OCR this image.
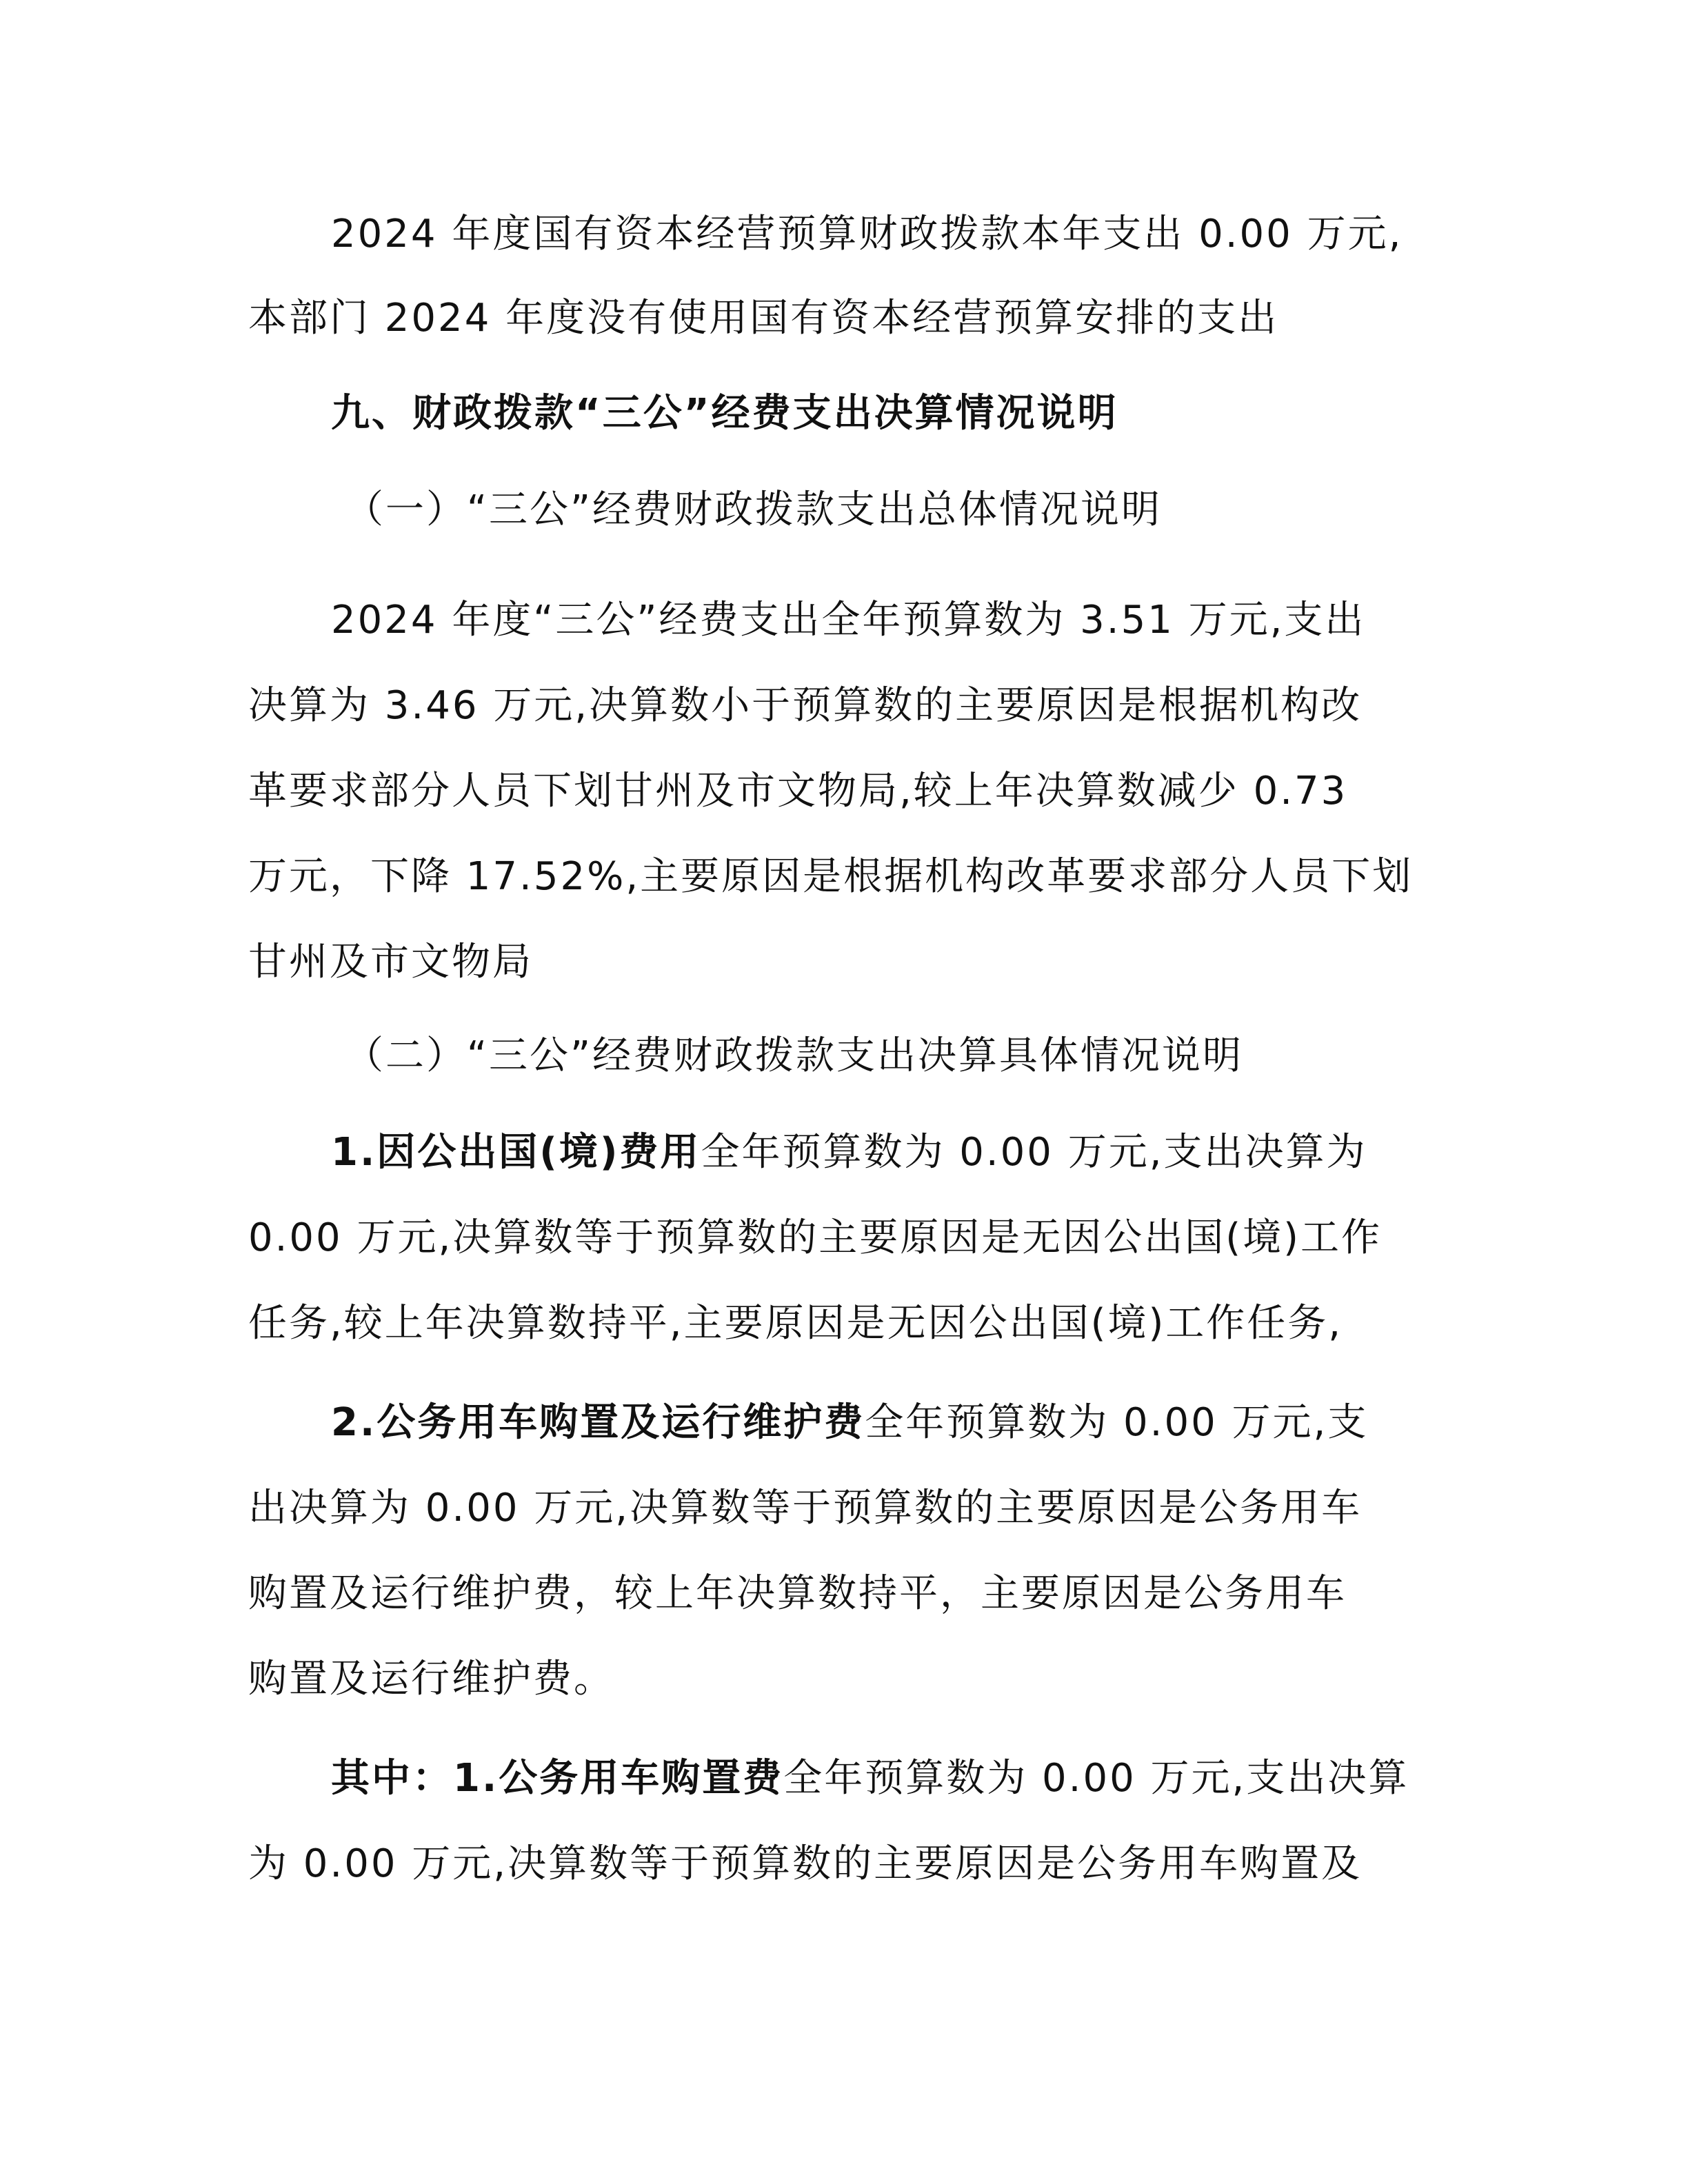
2024 年度国有资本经营预算财政拨款本年支出 0.00 万元,
本部门 2024 年度没有使用国有资本经营预算安排的支出
九、财政拨款“三公”经费支出决算情况说明
（一）“三公”经费财政拨款支出总体情况说明
2024 年度“三公”经费支出全年预算数为 3.51 万元,支出
决算为 3.46 万元,决算数小于预算数的主要原因是根据机构改
革要求部分人员下划甘州及市文物局,较上年决算数减少 0.73
万元，下降 17.52%,主要原因是根据机构改革要求部分人员下划
甘州及市文物局
（二）“三公”经费财政拨款支出决算具体情况说明
1.因公出国(境)费用全年预算数为 0.00 万元,支出决算为
0.00 万元,决算数等于预算数的主要原因是无因公出国(境)工作
任务,较上年决算数持平,主要原因是无因公出国(境)工作任务,
2.公务用车购置及运行维护费全年预算数为 0.00 万元,支
出决算为 0.00 万元,决算数等于预算数的主要原因是公务用车
购置及运行维护费，较上年决算数持平，主要原因是公务用车
购置及运行维护费。
其中：1.公务用车购置费全年预算数为 0.00 万元,支出决算
为 0.00 万元,决算数等于预算数的主要原因是公务用车购置及
